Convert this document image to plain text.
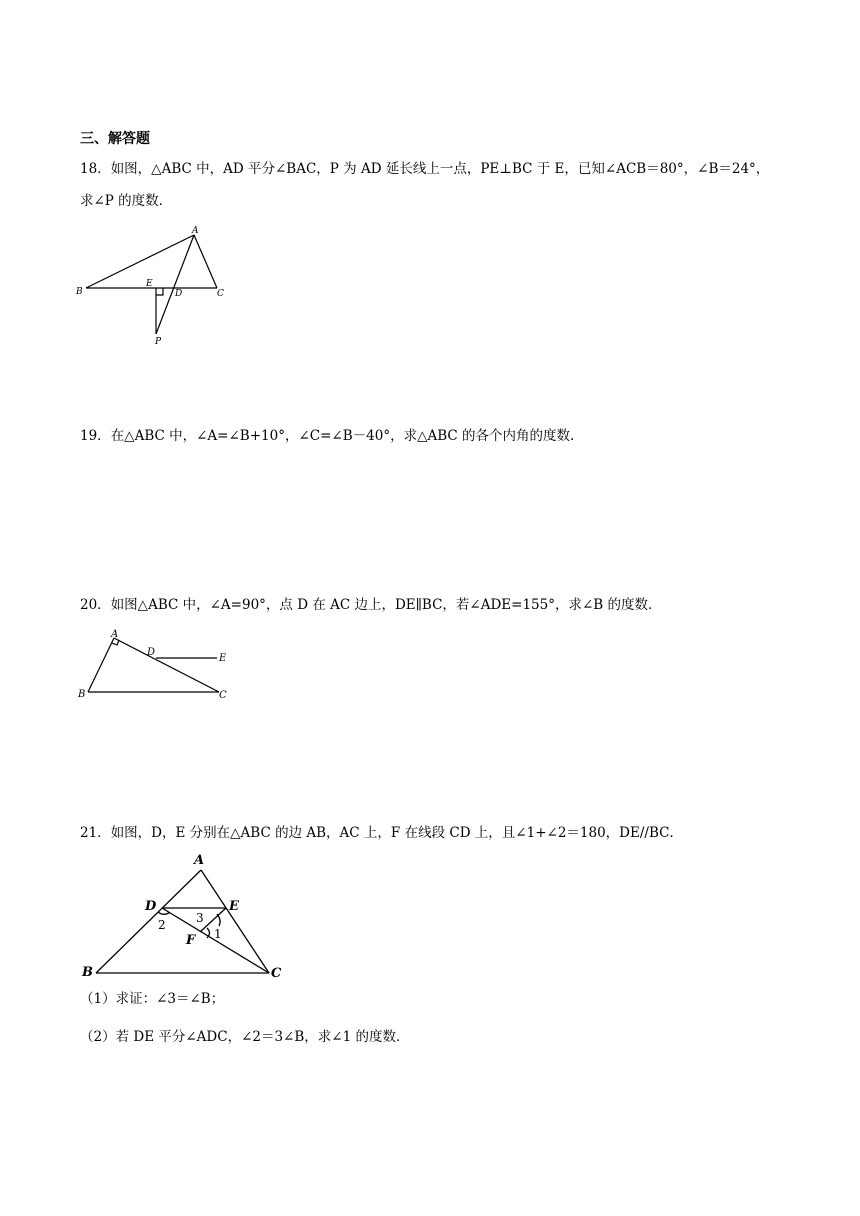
三、解答题
18．如图，△ABC 中，AD 平分∠BAC，P 为 AD 延长线上一点，PE⊥BC 于 E，已知∠ACB＝80°，∠B＝24°，
求∠P 的度数．
A
B	C
D
E
P
19．在△ABC 中，∠A=∠B+10°，∠C=∠B－40°，求△ABC 的各个内角的度数.
20．如图△ABC 中，∠A=90°，点 D 在 AC 边上，DE∥BC，若∠ADE=155°，求∠B 的度数．
A
B	C
D
E
21．如图，D，E 分别在△ABC 的边 AB，AC 上，F 在线段 CD 上，且∠1+∠2＝180，DE//BC．
A
B	C
D	E
F 1
2	3
（1）求证：∠3＝∠B；
（2）若 DE 平分∠ADC，∠2＝3∠B，求∠1 的度数．
